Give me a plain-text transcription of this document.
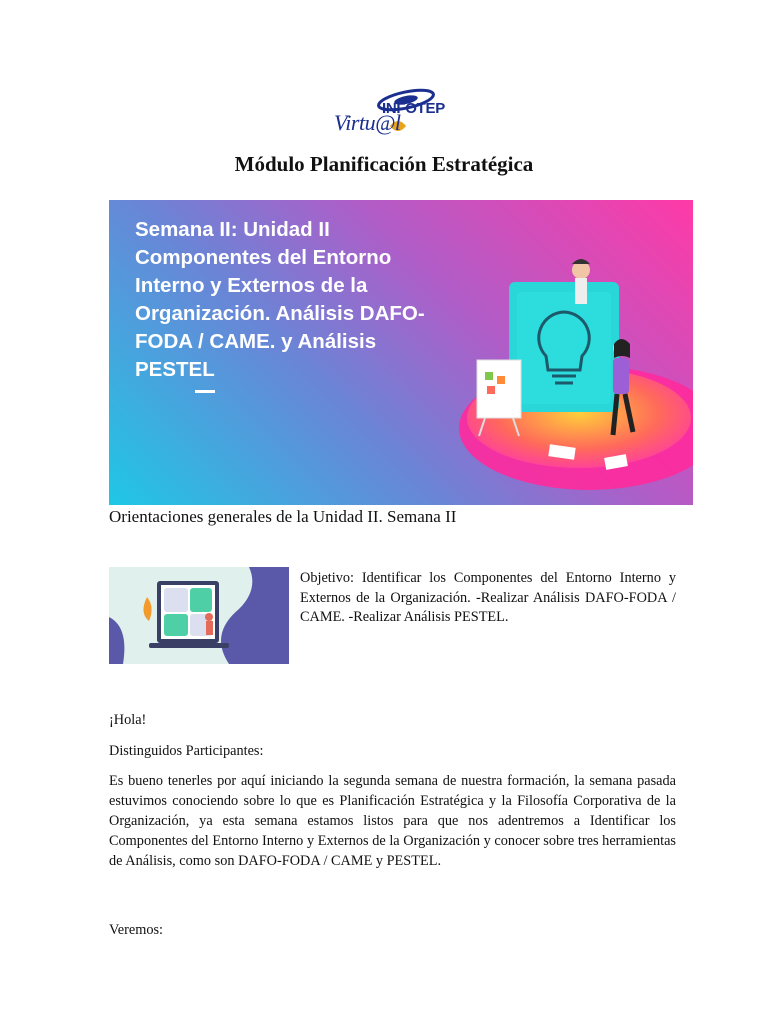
INFOTEP
Virtu@l
Módulo Planificación Estratégica
Semana II: Unidad II
Componentes del Entorno
Interno y Externos de la
Organización. Análisis DAFO-
FODA / CAME. y Análisis
PESTEL
Orientaciones generales de la Unidad II. Semana II
Objetivo: Identificar los Componentes del Entorno Interno y Externos de la Organización. -Realizar Análisis DAFO-FODA / CAME. -Realizar Análisis PESTEL.

¡Hola!

Distinguidos Participantes:

Es bueno tenerles por aquí iniciando la segunda semana de nuestra formación, la semana pasada estuvimos conociendo sobre lo que es Planificación Estratégica y la Filosofía Corporativa de la Organización, ya esta semana estamos listos para que nos adentremos a Identificar los Componentes del Entorno Interno y Externos de la Organización y conocer sobre tres herramientas de Análisis, como son DAFO-FODA / CAME y PESTEL.

Veremos:
